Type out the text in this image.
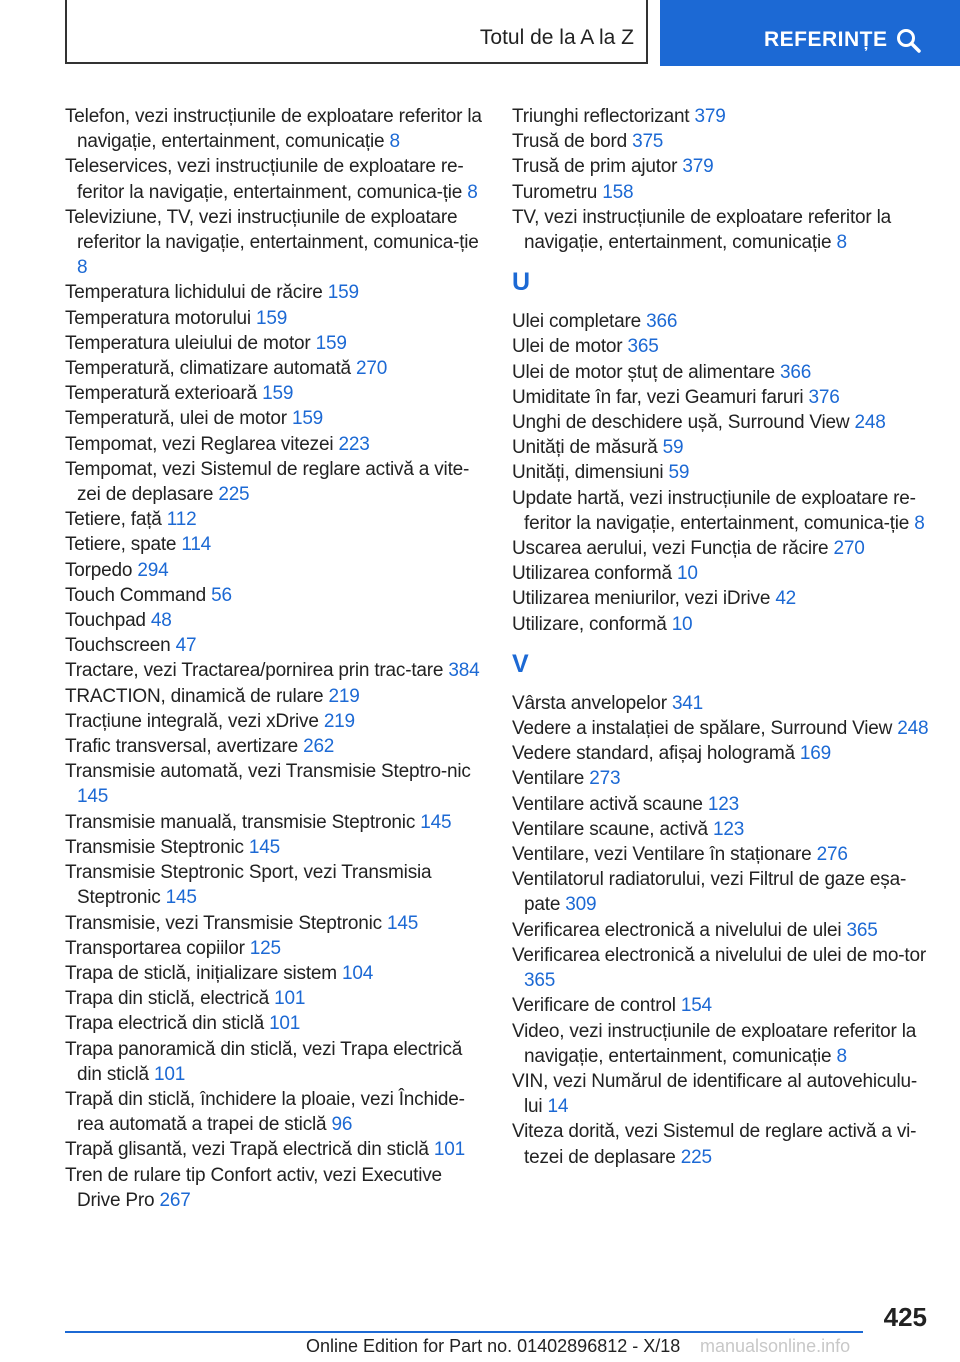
Totul de la A la Z	REFERINȚE

Telefon, vezi instrucțiunile de exploatare referitor la navigație, entertainment, comunicație 8

Teleservices, vezi instrucțiunile de exploatare re-feritor la navigație, entertainment, comunica-ție 8

Televiziune, TV, vezi instrucțiunile de exploatare referitor la navigație, entertainment, comunica-ție 8

Temperatura lichidului de răcire 159

Temperatura motorului 159

Temperatura uleiului de motor 159

Temperatură, climatizare automată 270

Temperatură exterioară 159

Temperatură, ulei de motor 159

Tempomat, vezi Reglarea vitezei 223

Tempomat, vezi Sistemul de reglare activă a vite-zei de deplasare 225

Tetiere, față 112

Tetiere, spate 114

Torpedo 294

Touch Command 56

Touchpad 48

Touchscreen 47

Tractare, vezi Tractarea/pornirea prin trac-tare 384

TRACTION, dinamică de rulare 219

Tracțiune integrală, vezi xDrive 219

Trafic transversal, avertizare 262

Transmisie automată, vezi Transmisie Steptro-nic 145

Transmisie manuală, transmisie Steptronic 145

Transmisie Steptronic 145

Transmisie Steptronic Sport, vezi Transmisia Steptronic 145

Transmisie, vezi Transmisie Steptronic 145

Transportarea copiilor 125

Trapa de sticlă, inițializare sistem 104

Trapa din sticlă, electrică 101

Trapa electrică din sticlă 101

Trapa panoramică din sticlă, vezi Trapa electrică din sticlă 101

Trapă din sticlă, închidere la ploaie, vezi Închide-rea automată a trapei de sticlă 96

Trapă glisantă, vezi Trapă electrică din sticlă 101

Tren de rulare tip Confort activ, vezi Executive Drive Pro 267

Triunghi reflectorizant 379

Trusă de bord 375

Trusă de prim ajutor 379

Turometru 158

TV, vezi instrucțiunile de exploatare referitor la navigație, entertainment, comunicație 8

U

Ulei completare 366

Ulei de motor 365

Ulei de motor ștuț de alimentare 366

Umiditate în far, vezi Geamuri faruri 376

Unghi de deschidere ușă, Surround View 248

Unități de măsură 59

Unități, dimensiuni 59

Update hartă, vezi instrucțiunile de exploatare re-feritor la navigație, entertainment, comunica-ție 8

Uscarea aerului, vezi Funcția de răcire 270

Utilizarea conformă 10

Utilizarea meniurilor, vezi iDrive 42

Utilizare, conformă 10

V

Vârsta anvelopelor 341

Vedere a instalației de spălare, Surround View 248

Vedere standard, afișaj hologramă 169

Ventilare 273

Ventilare activă scaune 123

Ventilare scaune, activă 123

Ventilare, vezi Ventilare în staționare 276

Ventilatorul radiatorului, vezi Filtrul de gaze eșa-pate 309

Verificarea electronică a nivelului de ulei 365

Verificarea electronică a nivelului de ulei de mo-tor 365

Verificare de control 154

Video, vezi instrucțiunile de exploatare referitor la navigație, entertainment, comunicație 8

VIN, vezi Numărul de identificare al autovehiculu-lui 14

Viteza dorită, vezi Sistemul de reglare activă a vi-tezei de deplasare 225

425
Online Edition for Part no. 01402896812 - X/18 manualsonline.info
